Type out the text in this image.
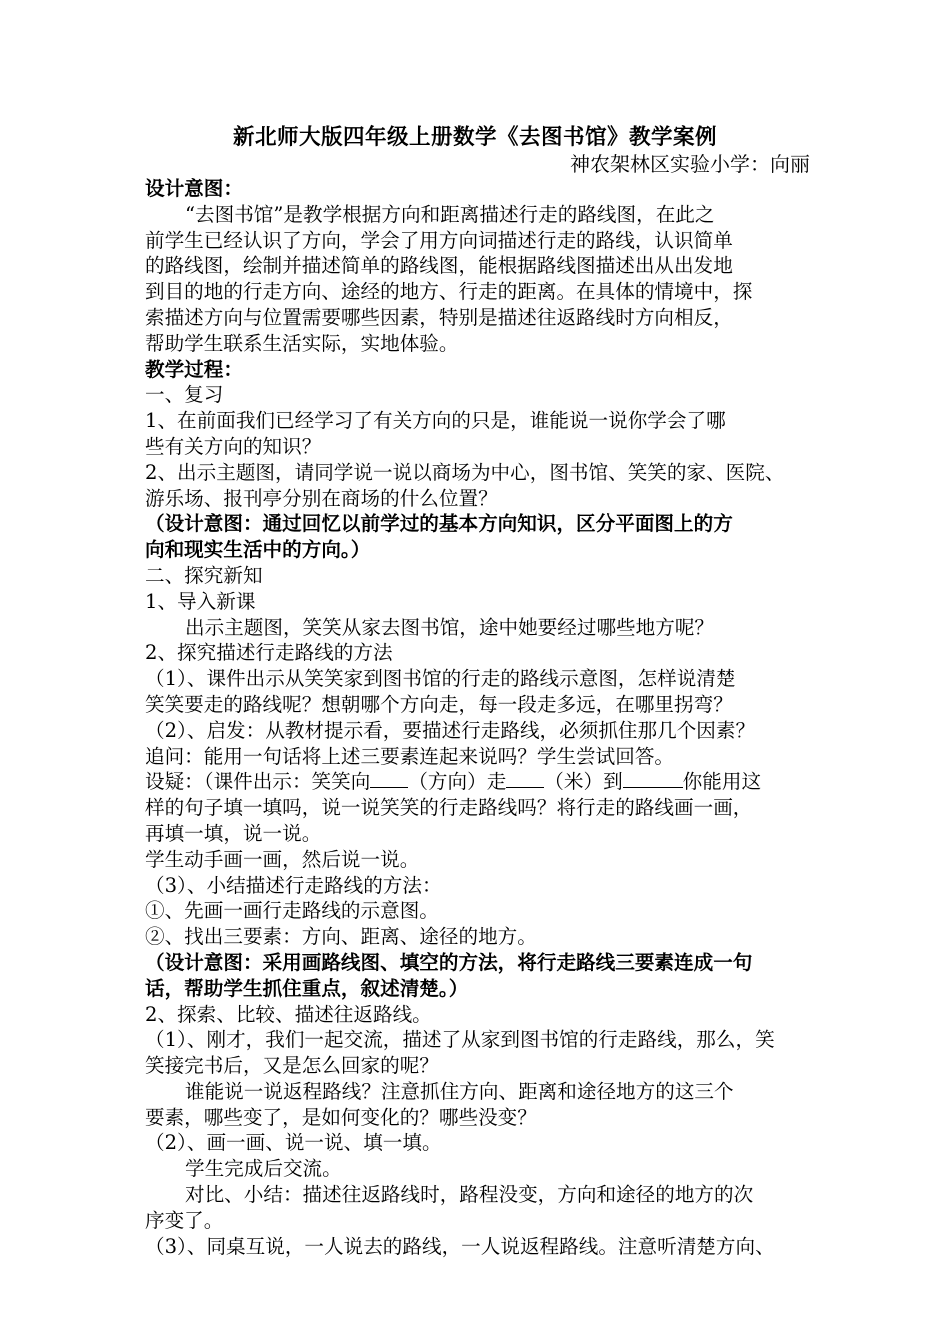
新北师大版四年级上册数学《去图书馆》教学案例
神农架林区实验小学：向丽

设计意图：

“去图书馆”是教学根据方向和距离描述行走的路线图，在此之

前学生已经认识了方向，学会了用方向词描述行走的路线，认识简单

的路线图，绘制并描述简单的路线图，能根据路线图描述出从出发地

到目的地的行走方向、途经的地方、行走的距离。在具体的情境中，探

索描述方向与位置需要哪些因素，特别是描述往返路线时方向相反，

帮助学生联系生活实际，实地体验。

教学过程：

一、复习

1、在前面我们已经学习了有关方向的只是，谁能说一说你学会了哪

些有关方向的知识？

2、出示主题图，请同学说一说以商场为中心，图书馆、笑笑的家、医院、

游乐场、报刊亭分别在商场的什么位置？

（设计意图：通过回忆以前学过的基本方向知识，区分平面图上的方

向和现实生活中的方向。）

二、探究新知

1、导入新课

出示主题图，笑笑从家去图书馆，途中她要经过哪些地方呢？

2、探究描述行走路线的方法

（1）、课件出示从笑笑家到图书馆的行走的路线示意图，怎样说清楚

笑笑要走的路线呢？想朝哪个方向走，每一段走多远，在哪里拐弯？

（2）、启发：从教材提示看，要描述行走路线，必须抓住那几个因素？

追问：能用一句话将上述三要素连起来说吗？学生尝试回答。

设疑：（课件出示：笑笑向 （方向）走 （米）到	你能用这

样的句子填一填吗，说一说笑笑的行走路线吗？将行走的路线画一画，

再填一填，说一说。

学生动手画一画，然后说一说。

（3）、小结描述行走路线的方法：

①、先画一画行走路线的示意图。

②、找出三要素：方向、距离、途径的地方。

（设计意图：采用画路线图、填空的方法，将行走路线三要素连成一句

话，帮助学生抓住重点，叙述清楚。）

2、探索、比较、描述往返路线。

（1）、刚才，我们一起交流，描述了从家到图书馆的行走路线，那么，笑

笑接完书后，又是怎么回家的呢？

谁能说一说返程路线？注意抓住方向、距离和途径地方的这三个

要素，哪些变了，是如何变化的？哪些没变？

（2）、画一画、说一说、填一填。

学生完成后交流。

对比、小结：描述往返路线时，路程没变，方向和途径的地方的次

序变了。

（3）、同桌互说，一人说去的路线，一人说返程路线。注意听清楚方向、
